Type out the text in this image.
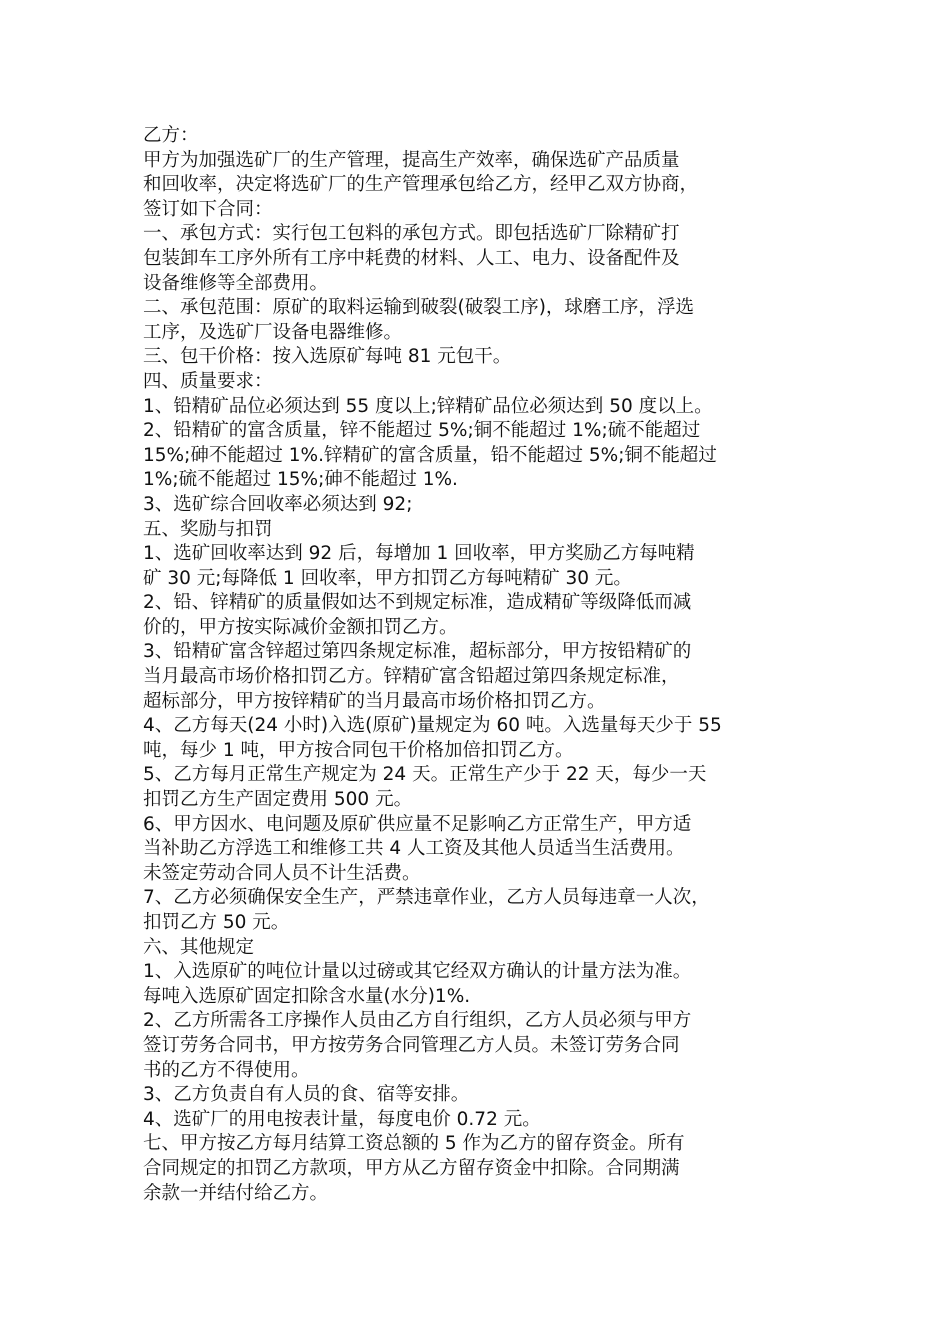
乙方：
甲方为加强选矿厂的生产管理，提高生产效率，确保选矿产品质量
和回收率，决定将选矿厂的生产管理承包给乙方，经甲乙双方协商，
签订如下合同：
一、承包方式：实行包工包料的承包方式。即包括选矿厂除精矿打
包装卸车工序外所有工序中耗费的材料、人工、电力、设备配件及
设备维修等全部费用。
二、承包范围：原矿的取料运输到破裂(破裂工序)，球磨工序，浮选
工序，及选矿厂设备电器维修。
三、包干价格：按入选原矿每吨 81 元包干。
四、质量要求：
1、铅精矿品位必须达到 55 度以上;锌精矿品位必须达到 50 度以上。
2、铅精矿的富含质量，锌不能超过 5%;铜不能超过 1%;硫不能超过
15%;砷不能超过 1%.锌精矿的富含质量，铅不能超过 5%;铜不能超过
1%;硫不能超过 15%;砷不能超过 1%.
3、选矿综合回收率必须达到 92;
五、奖励与扣罚
1、选矿回收率达到 92 后，每增加 1 回收率，甲方奖励乙方每吨精
矿 30 元;每降低 1 回收率，甲方扣罚乙方每吨精矿 30 元。
2、铅、锌精矿的质量假如达不到规定标准，造成精矿等级降低而减
价的，甲方按实际减价金额扣罚乙方。
3、铅精矿富含锌超过第四条规定标准，超标部分，甲方按铅精矿的
当月最高市场价格扣罚乙方。锌精矿富含铅超过第四条规定标准，
超标部分，甲方按锌精矿的当月最高市场价格扣罚乙方。
4、乙方每天(24 小时)入选(原矿)量规定为 60 吨。入选量每天少于 55
吨，每少 1 吨，甲方按合同包干价格加倍扣罚乙方。
5、乙方每月正常生产规定为 24 天。正常生产少于 22 天，每少一天
扣罚乙方生产固定费用 500 元。
6、甲方因水、电问题及原矿供应量不足影响乙方正常生产，甲方适
当补助乙方浮选工和维修工共 4 人工资及其他人员适当生活费用。
未签定劳动合同人员不计生活费。
7、乙方必须确保安全生产，严禁违章作业，乙方人员每违章一人次，
扣罚乙方 50 元。
六、其他规定
1、入选原矿的吨位计量以过磅或其它经双方确认的计量方法为准。
每吨入选原矿固定扣除含水量(水分)1%.
2、乙方所需各工序操作人员由乙方自行组织，乙方人员必须与甲方
签订劳务合同书，甲方按劳务合同管理乙方人员。未签订劳务合同
书的乙方不得使用。
3、乙方负责自有人员的食、宿等安排。
4、选矿厂的用电按表计量，每度电价 0.72 元。
七、甲方按乙方每月结算工资总额的 5 作为乙方的留存资金。所有
合同规定的扣罚乙方款项，甲方从乙方留存资金中扣除。合同期满
余款一并结付给乙方。
